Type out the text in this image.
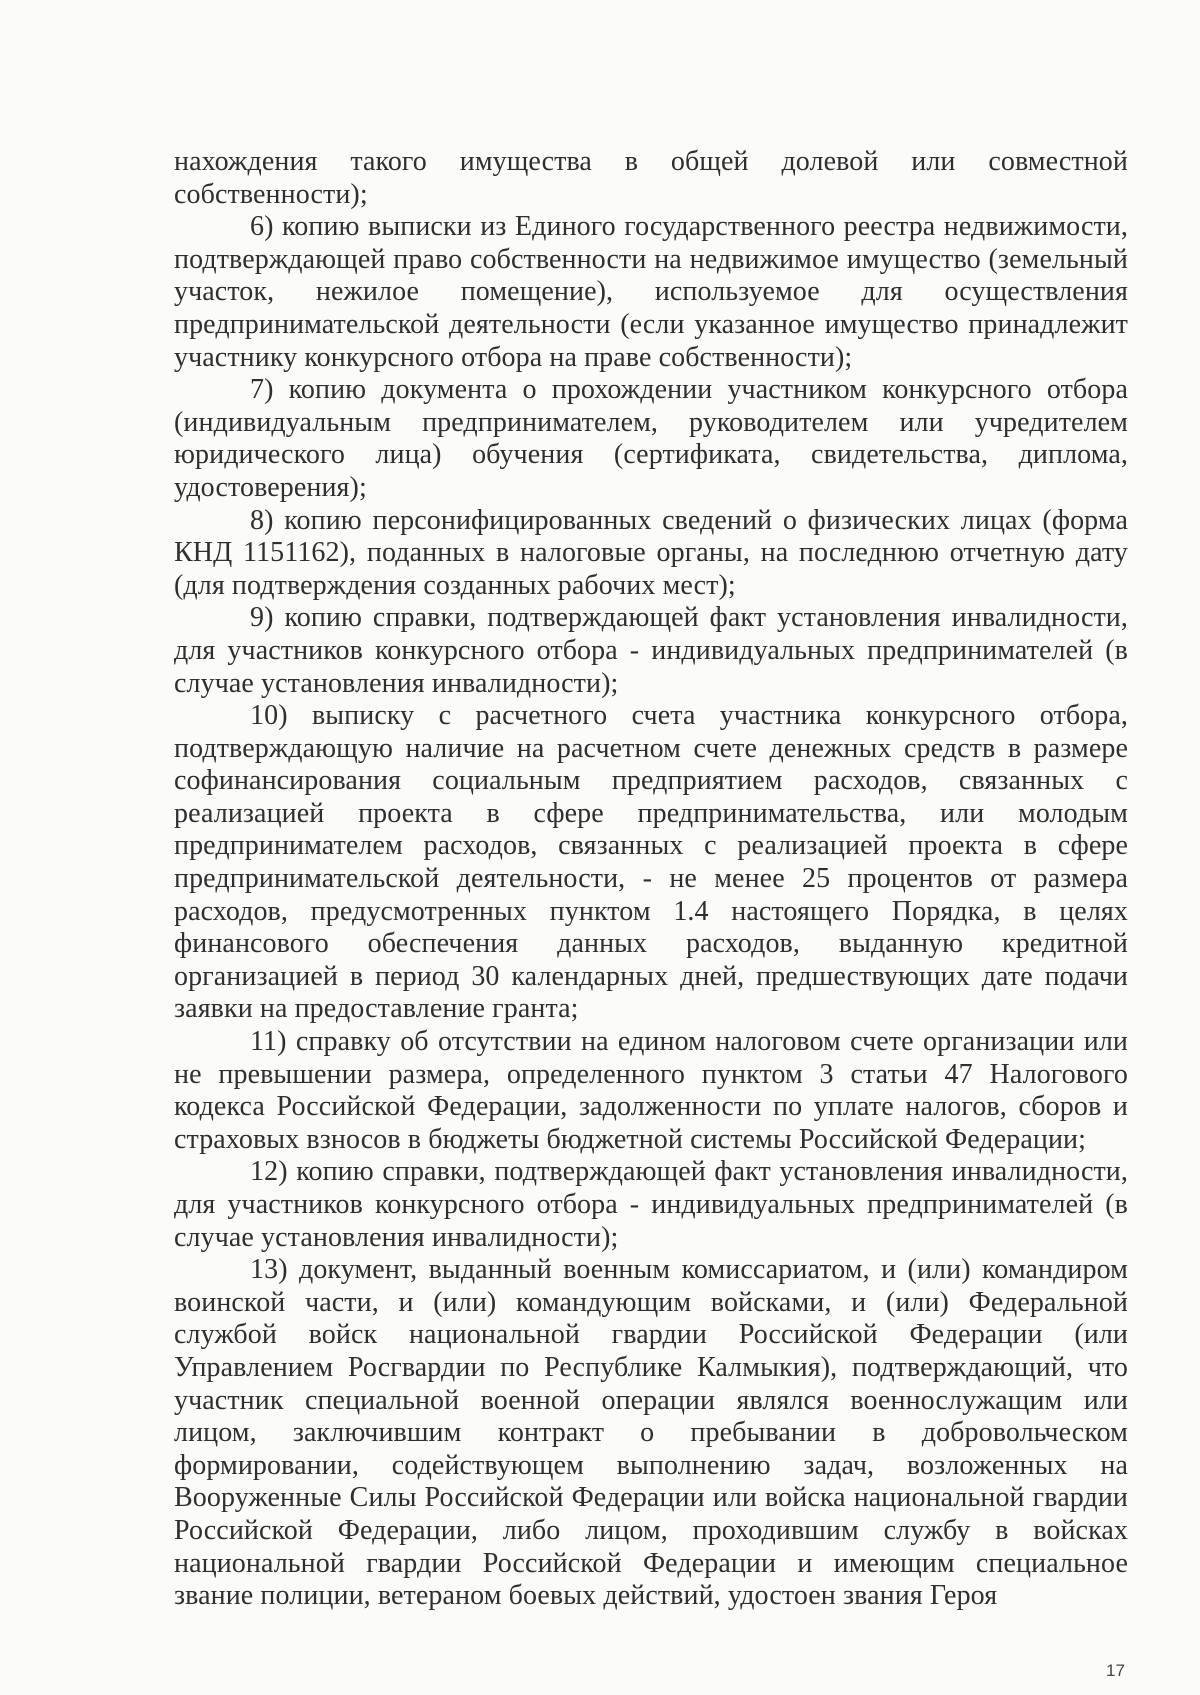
нахождения такого имущества в общей долевой или совместной собственности);

6) копию выписки из Единого государственного реестра недвижимости, подтверждающей право собственности на недвижимое имущество (земельный участок, нежилое помещение), используемое для осуществления предпринимательской деятельности (если указанное имущество принадлежит участнику конкурсного отбора на праве собственности);

7) копию документа о прохождении участником конкурсного отбора (индивидуальным предпринимателем, руководителем или учредителем юридического лица) обучения (сертификата, свидетельства, диплома, удостоверения);

8) копию персонифицированных сведений о физических лицах (форма КНД 1151162), поданных в налоговые органы, на последнюю отчетную дату (для подтверждения созданных рабочих мест);

9) копию справки, подтверждающей факт установления инвалидности, для участников конкурсного отбора - индивидуальных предпринимателей (в случае установления инвалидности);

10) выписку с расчетного счета участника конкурсного отбора, подтверждающую наличие на расчетном счете денежных средств в размере софинансирования социальным предприятием расходов, связанных с реализацией проекта в сфере предпринимательства, или молодым предпринимателем расходов, связанных с реализацией проекта в сфере предпринимательской деятельности, - не менее 25 процентов от размера расходов, предусмотренных пунктом 1.4 настоящего Порядка, в целях финансового обеспечения данных расходов, выданную кредитной организацией в период 30 календарных дней, предшествующих дате подачи заявки на предоставление гранта;

11) справку об отсутствии на едином налоговом счете организации или не превышении размера, определенного пунктом 3 статьи 47 Налогового кодекса Российской Федерации, задолженности по уплате налогов, сборов и страховых взносов в бюджеты бюджетной системы Российской Федерации;

12) копию справки, подтверждающей факт установления инвалидности, для участников конкурсного отбора - индивидуальных предпринимателей (в случае установления инвалидности);

13) документ, выданный военным комиссариатом, и (или) командиром воинской части, и (или) командующим войсками, и (или) Федеральной службой войск национальной гвардии Российской Федерации (или Управлением Росгвардии по Республике Калмыкия), подтверждающий, что участник специальной военной операции являлся военнослужащим или лицом, заключившим контракт о пребывании в добровольческом формировании, содействующем выполнению задач, возложенных на Вооруженные Силы Российской Федерации или войска национальной гвардии Российской Федерации, либо лицом, проходившим службу в войсках национальной гвардии Российской Федерации и имеющим специальное звание полиции, ветераном боевых действий, удостоен звания Героя

17
